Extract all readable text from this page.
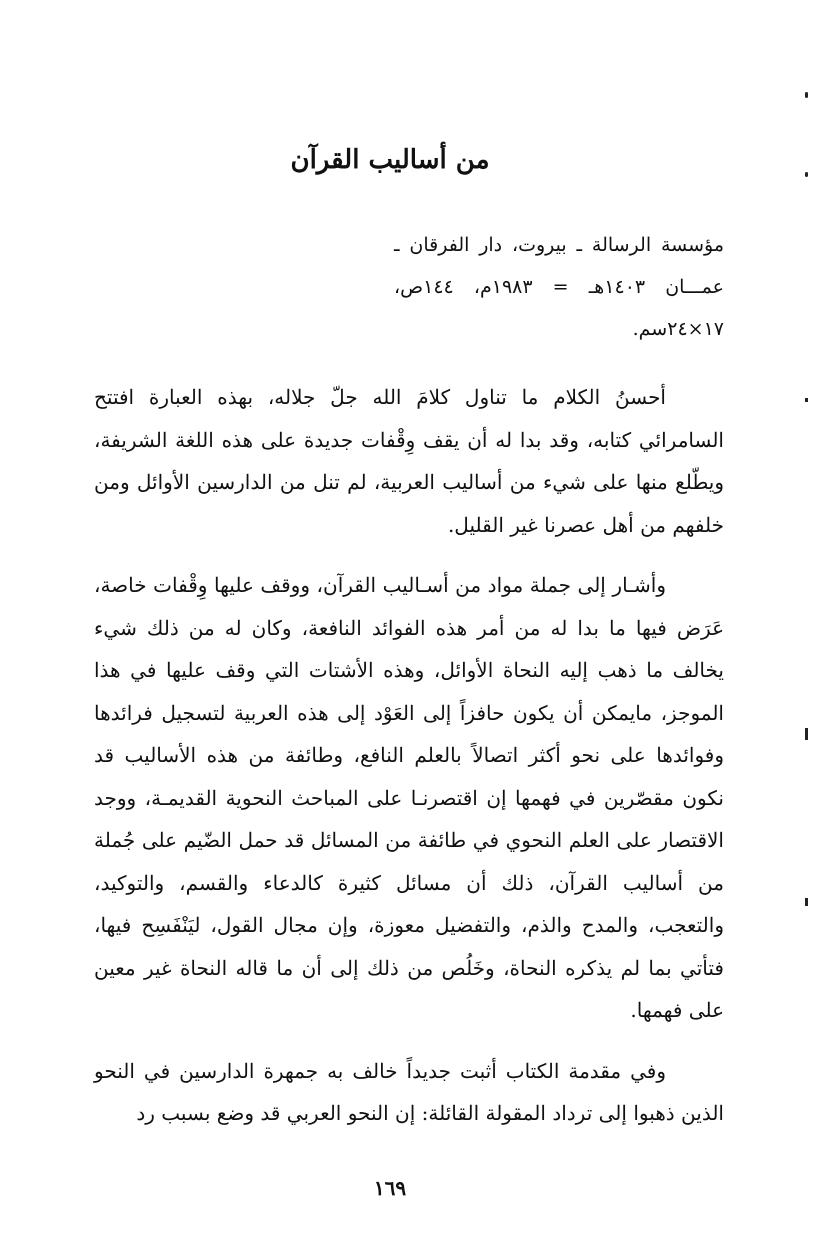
من أساليب القرآن

مؤسسة الرسالة ـ بيروت، دار الفرقان ـ عمـــان ١٤٠٣هـ = ١٩٨٣م، ١٤٤ص، ١٧×٢٤سم.

أحسنُ الكلام ما تناول كلامَ الله جلّ جلاله، بهذه العبارة افتتح السامرائي كتابه، وقد بدا له أن يقف وِقْفات جديدة على هذه اللغة الشريفة، ويطّلع منها على شيء من أساليب العربية، لم تنل من الدارسين الأوائل ومن خلفهم من أهل عصرنا غير القليل.

وأشـار إلى جملة مواد من أسـاليب القرآن، ووقف عليها وِقْفات خاصة، عَرَض فيها ما بدا له من أمر هذه الفوائد النافعة، وكان له من ذلك شيء يخالف ما ذهب إليه النحاة الأوائل، وهذه الأشتات التي وقف عليها في هذا الموجز، مايمكن أن يكون حافزاً إلى العَوْد إلى هذه العربية لتسجيل فرائدها وفوائدها على نحو أكثر اتصالاً بالعلم النافع، وطائفة من هذه الأساليب قد نكون مقصّرين في فهمها إن اقتصرنـا على المباحث النحوية القديمـة، ووجد الاقتصار على العلم النحوي في طائفة من المسائل قد حمل الضّيم على جُملة من أساليب القرآن، ذلك أن مسائل كثيرة كالدعاء والقسم، والتوكيد، والتعجب، والمدح والذم، والتفضيل معوزة، وإن مجال القول، ليَنْفَسِح فيها، فتأتي بما لم يذكره النحاة، وخَلُص من ذلك إلى أن ما قاله النحاة غير معين على فهمها.

وفي مقدمة الكتاب أثبت جديداً خالف به جمهرة الدارسين في النحو الذين ذهبوا إلى ترداد المقولة القائلة: إن النحو العربي قد وضع بسبب رد

١٦٩
